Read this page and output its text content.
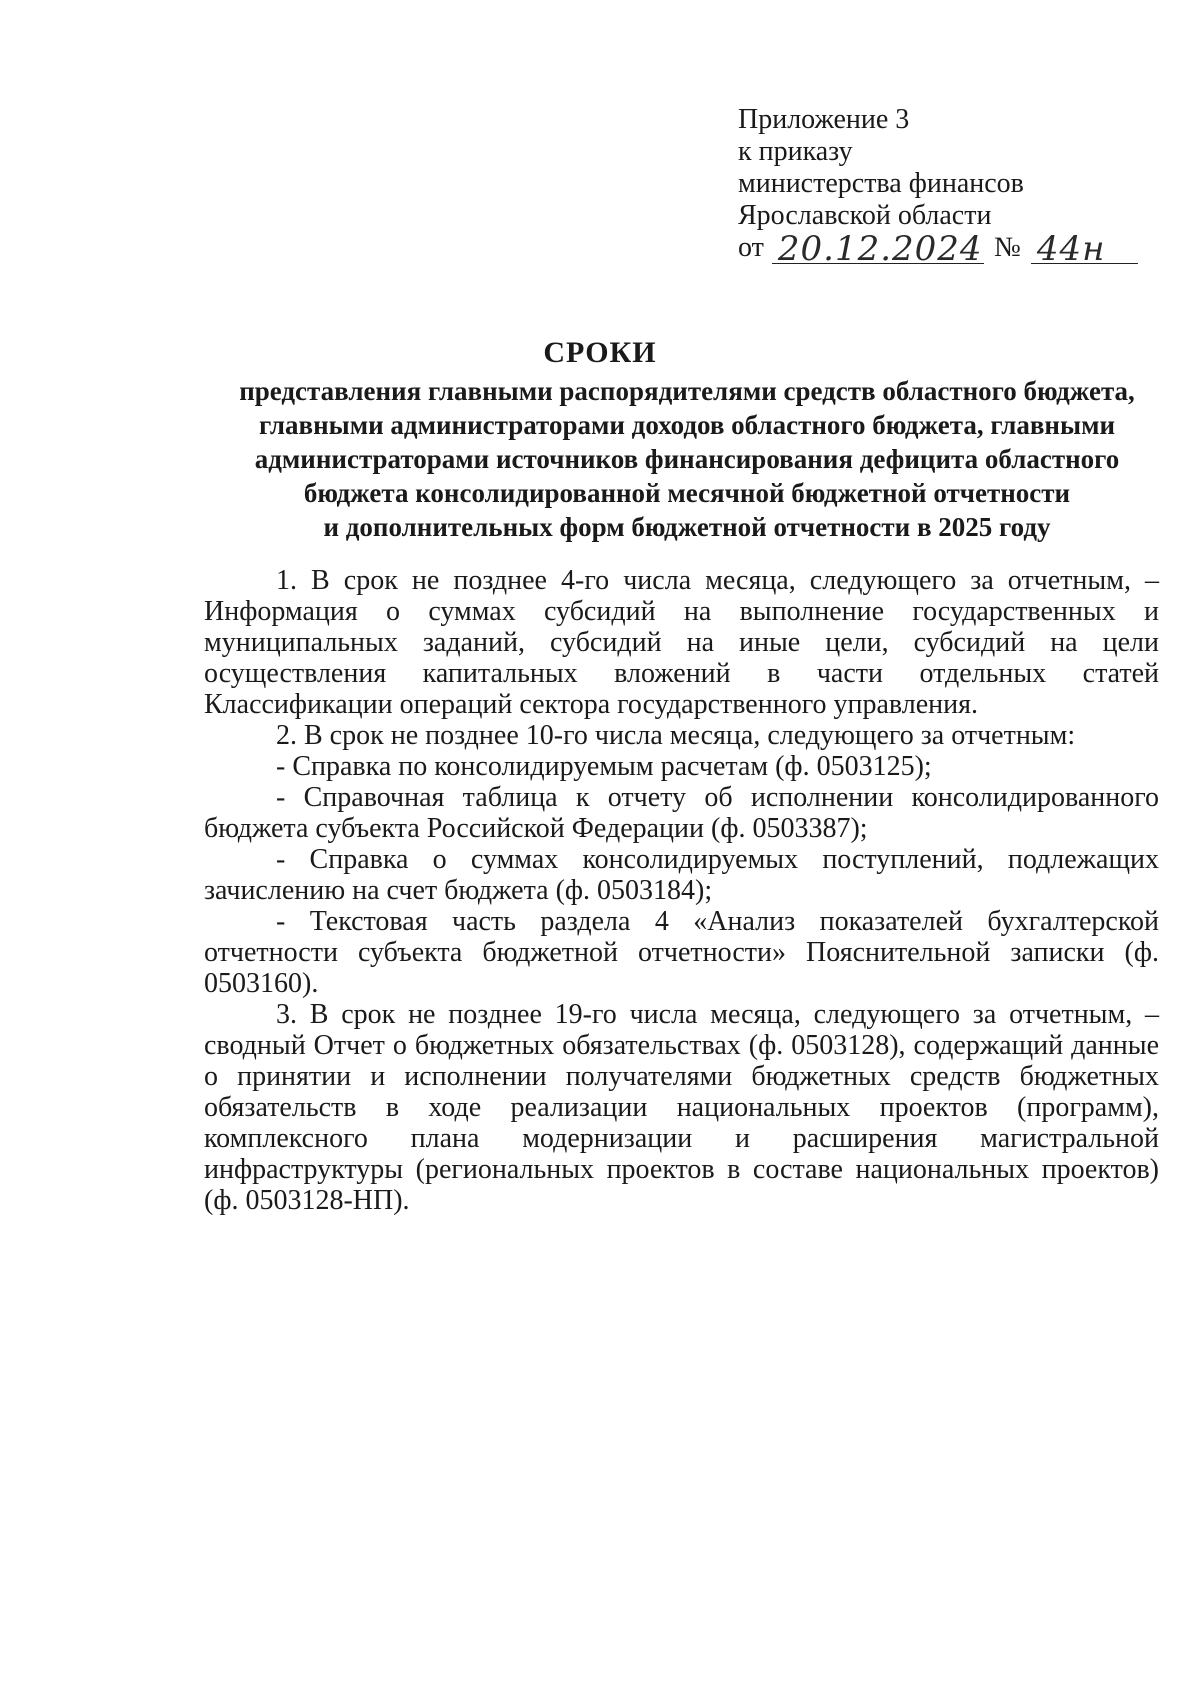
Приложение 3
к приказу
министерства финансов
Ярославской области
от 20.12.2024 № 44н
СРОКИ
представления главными распорядителями средств областного бюджета,
главными администраторами доходов областного бюджета, главными
администраторами источников финансирования дефицита областного
бюджета консолидированной месячной бюджетной отчетности
и дополнительных форм бюджетной отчетности в 2025 году

1. В срок не позднее 4-го числа месяца, следующего за отчетным, – Информация о суммах субсидий на выполнение государственных и муниципальных заданий, субсидий на иные цели, субсидий на цели осуществления капитальных вложений в части отдельных статей Классификации операций сектора государственного управления.

2. В срок не позднее 10-го числа месяца, следующего за отчетным:

- Справка по консолидируемым расчетам (ф. 0503125);

- Справочная таблица к отчету об исполнении консолидированного бюджета субъекта Российской Федерации (ф. 0503387);

- Справка о суммах консолидируемых поступлений, подлежащих зачислению на счет бюджета (ф. 0503184);

- Текстовая часть раздела 4 «Анализ показателей бухгалтерской отчетности субъекта бюджетной отчетности» Пояснительной записки (ф. 0503160).

3. В срок не позднее 19-го числа месяца, следующего за отчетным, – сводный Отчет о бюджетных обязательствах (ф. 0503128), содержащий данные о принятии и исполнении получателями бюджетных средств бюджетных обязательств в ходе реализации национальных проектов (программ), комплексного плана модернизации и расширения магистральной инфраструктуры (региональных проектов в составе национальных проектов) (ф. 0503128-НП).
